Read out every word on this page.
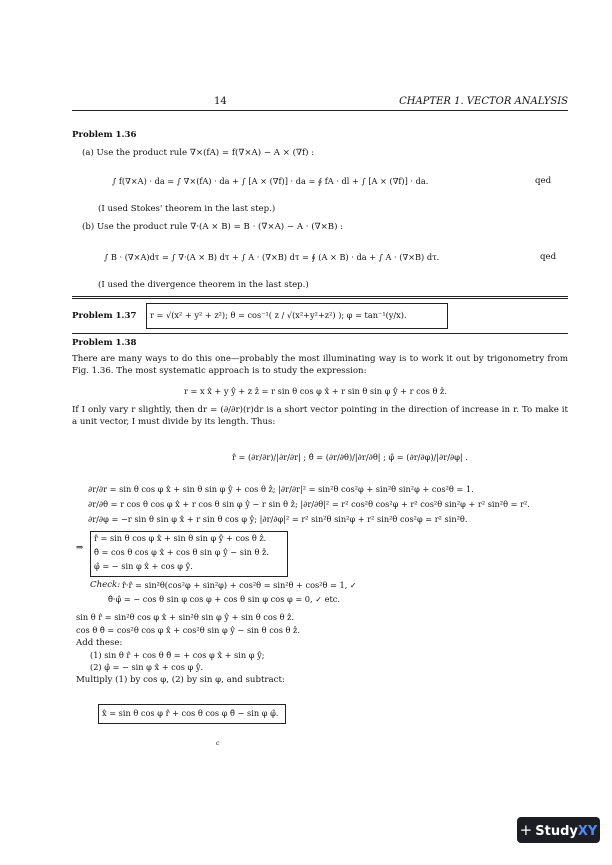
14	CHAPTER 1. VECTOR ANALYSIS
Problem 1.36
(a) Use the product rule ∇×(fA) = f(∇×A) − A × (∇f) :
∫ f(∇×A) · da = ∫ ∇×(fA) · da + ∫ [A × (∇f)] · da = ∮ fA · dl + ∫ [A × (∇f)] · da.	qed
(I used Stokes' theorem in the last step.)
(b) Use the product rule ∇·(A × B) = B · (∇×A) − A · (∇×B) :
∫ B · (∇×A)dτ = ∫ ∇·(A × B) dτ + ∫ A · (∇×B) dτ = ∮ (A × B) · da + ∫ A · (∇×B) dτ.	qed
(I used the divergence theorem in the last step.)
Problem 1.37 r = √(x² + y² + z²); θ = cos⁻¹( z / √(x²+y²+z²) ); φ = tan⁻¹(y/x).
Problem 1.38
There are many ways to do this one—probably the most illuminating way is to work it out by trigonometry from Fig. 1.36. The most systematic approach is to study the expression:
r = x x̂ + y ŷ + z ẑ = r sin θ cos φ x̂ + r sin θ sin φ ŷ + r cos θ ẑ.
If I only vary r slightly, then dr = (∂/∂r)(r)dr is a short vector pointing in the direction of increase in r. To make it a unit vector, I must divide by its length. Thus:
r̂ = (∂r/∂r)/|∂r/∂r| ; θ̂ = (∂r/∂θ)/|∂r/∂θ| ; φ̂ = (∂r/∂φ)/|∂r/∂φ| .
∂r/∂r = sin θ cos φ x̂ + sin θ sin φ ŷ + cos θ ẑ; |∂r/∂r|² = sin²θ cos²φ + sin²θ sin²φ + cos²θ = 1.
∂r/∂θ = r cos θ cos φ x̂ + r cos θ sin φ ŷ − r sin θ ẑ; |∂r/∂θ|² = r² cos²θ cos²φ + r² cos²θ sin²φ + r² sin²θ = r².
∂r/∂φ = −r sin θ sin φ x̂ + r sin θ cos φ ŷ; |∂r/∂φ|² = r² sin²θ sin²φ + r² sin²θ cos²φ = r² sin²θ.
⇒
r̂ = sin θ cos φ x̂ + sin θ sin φ ŷ + cos θ ẑ.
θ̂ = cos θ cos φ x̂ + cos θ sin φ ŷ − sin θ ẑ.
φ̂ = − sin φ x̂ + cos φ ŷ.
Check: r̂·r̂ = sin²θ(cos²φ + sin²φ) + cos²θ = sin²θ + cos²θ = 1, ✓
θ̂·φ̂ = − cos θ sin φ cos φ + cos θ sin φ cos φ = 0, ✓ etc.
sin θ r̂ = sin²θ cos φ x̂ + sin²θ sin φ ŷ + sin θ cos θ ẑ.
cos θ θ̂ = cos²θ cos φ x̂ + cos²θ sin φ ŷ − sin θ cos θ ẑ.
Add these:
(1) sin θ r̂ + cos θ θ̂ = + cos φ x̂ + sin φ ŷ;
(2) φ̂ = − sin φ x̂ + cos φ ŷ.
Multiply (1) by cos φ, (2) by sin φ, and subtract:
x̂ = sin θ cos φ r̂ + cos θ cos φ θ̂ − sin φ φ̂.
c
+ StudyXY
